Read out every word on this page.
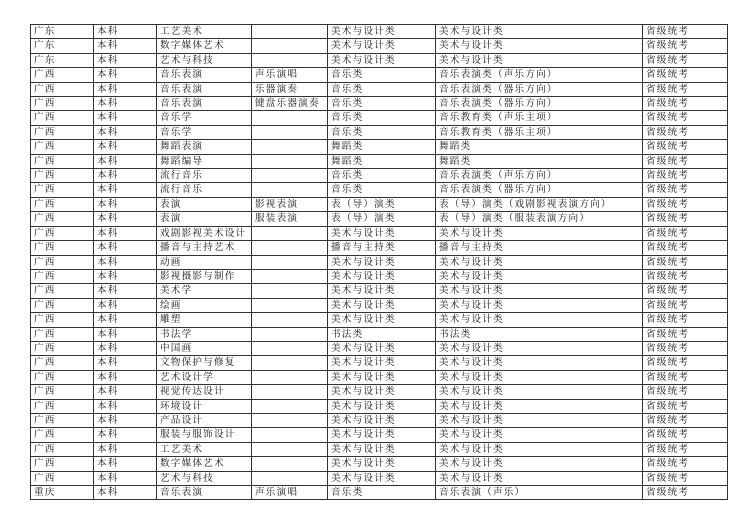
广东	本科	工艺美术		美术与设计类	美术与设计类	省级统考
广东	本科	数字媒体艺术		美术与设计类	美术与设计类	省级统考
广东	本科	艺术与科技		美术与设计类	美术与设计类	省级统考
广西	本科	音乐表演	声乐演唱	音乐类	音乐表演类（声乐方向）	省级统考
广西	本科	音乐表演	乐器演奏	音乐类	音乐表演类（器乐方向）	省级统考
广西	本科	音乐表演	键盘乐器演奏	音乐类	音乐表演类（器乐方向）	省级统考
广西	本科	音乐学		音乐类	音乐教育类（声乐主项）	省级统考
广西	本科	音乐学		音乐类	音乐教育类（器乐主项）	省级统考
广西	本科	舞蹈表演		舞蹈类	舞蹈类	省级统考
广西	本科	舞蹈编导		舞蹈类	舞蹈类	省级统考
广西	本科	流行音乐		音乐类	音乐表演类（声乐方向）	省级统考
广西	本科	流行音乐		音乐类	音乐表演类（器乐方向）	省级统考
广西	本科	表演	影视表演	表（导）演类	表（导）演类（戏剧影视表演方向）	省级统考
广西	本科	表演	服装表演	表（导）演类	表（导）演类（服装表演方向）	省级统考
广西	本科	戏剧影视美术设计		美术与设计类	美术与设计类	省级统考
广西	本科	播音与主持艺术		播音与主持类	播音与主持类	省级统考
广西	本科	动画		美术与设计类	美术与设计类	省级统考
广西	本科	影视摄影与制作		美术与设计类	美术与设计类	省级统考
广西	本科	美术学		美术与设计类	美术与设计类	省级统考
广西	本科	绘画		美术与设计类	美术与设计类	省级统考
广西	本科	雕塑		美术与设计类	美术与设计类	省级统考
广西	本科	书法学		书法类	书法类	省级统考
广西	本科	中国画		美术与设计类	美术与设计类	省级统考
广西	本科	文物保护与修复		美术与设计类	美术与设计类	省级统考
广西	本科	艺术设计学		美术与设计类	美术与设计类	省级统考
广西	本科	视觉传达设计		美术与设计类	美术与设计类	省级统考
广西	本科	环境设计		美术与设计类	美术与设计类	省级统考
广西	本科	产品设计		美术与设计类	美术与设计类	省级统考
广西	本科	服装与服饰设计		美术与设计类	美术与设计类	省级统考
广西	本科	工艺美术		美术与设计类	美术与设计类	省级统考
广西	本科	数字媒体艺术		美术与设计类	美术与设计类	省级统考
广西	本科	艺术与科技		美术与设计类	美术与设计类	省级统考
重庆	本科	音乐表演	声乐演唱	音乐类	音乐表演（声乐）	省级统考
